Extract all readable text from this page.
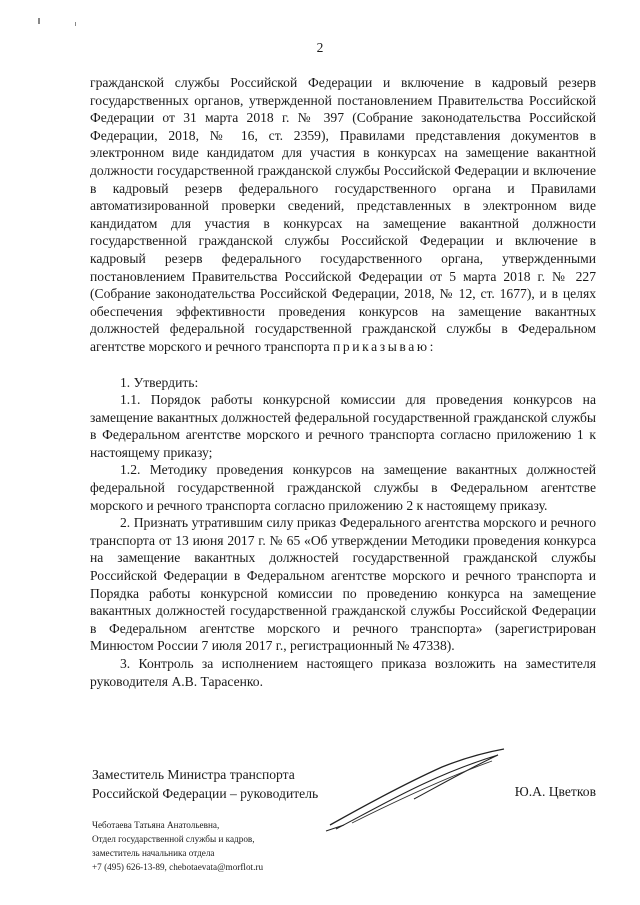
2

гражданской службы Российской Федерации и включение в кадровый резерв государственных органов, утвержденной постановлением Правительства Российской Федерации от 31 марта 2018 г. № 397 (Собрание законодательства Российской Федерации, 2018, № 16, ст. 2359), Правилами представления документов в электронном виде кандидатом для участия в конкурсах на замещение вакантной должности государственной гражданской службы Российской Федерации и включение в кадровый резерв федерального государственного органа и Правилами автоматизированной проверки сведений, представленных в электронном виде кандидатом для участия в конкурсах на замещение вакантной должности государственной гражданской службы Российской Федерации и включение в кадровый резерв федерального государственного органа, утвержденными постановлением Правительства Российской Федерации от 5 марта 2018 г. № 227 (Собрание законодательства Российской Федерации, 2018, № 12, ст. 1677), и в целях обеспечения эффективности проведения конкурсов на замещение вакантных должностей федеральной государственной гражданской службы в Федеральном агентстве морского и речного транспорта приказываю:

1. Утвердить:

1.1. Порядок работы конкурсной комиссии для проведения конкурсов на замещение вакантных должностей федеральной государственной гражданской службы в Федеральном агентстве морского и речного транспорта согласно приложению 1 к настоящему приказу;

1.2. Методику проведения конкурсов на замещение вакантных должностей федеральной государственной гражданской службы в Федеральном агентстве морского и речного транспорта согласно приложению 2 к настоящему приказу.

2. Признать утратившим силу приказ Федерального агентства морского и речного транспорта от 13 июня 2017 г. № 65 «Об утверждении Методики проведения конкурса на замещение вакантных должностей государственной гражданской службы Российской Федерации в Федеральном агентстве морского и речного транспорта и Порядка работы конкурсной комиссии по проведению конкурса на замещение вакантных должностей государственной гражданской службы Российской Федерации в Федеральном агентстве морского и речного транспорта» (зарегистрирован Минюстом России 7 июля 2017 г., регистрационный № 47338).

3. Контроль за исполнением настоящего приказа возложить на заместителя руководителя А.В. Тарасенко.

Заместитель Министра транспорта
Российской Федерации – руководитель	Ю.А. Цветков
Чеботаева Татьяна Анатольевна,
Отдел государственной службы и кадров,
заместитель начальника отдела
+7 (495) 626-13-89, chebotaevata@morflot.ru
